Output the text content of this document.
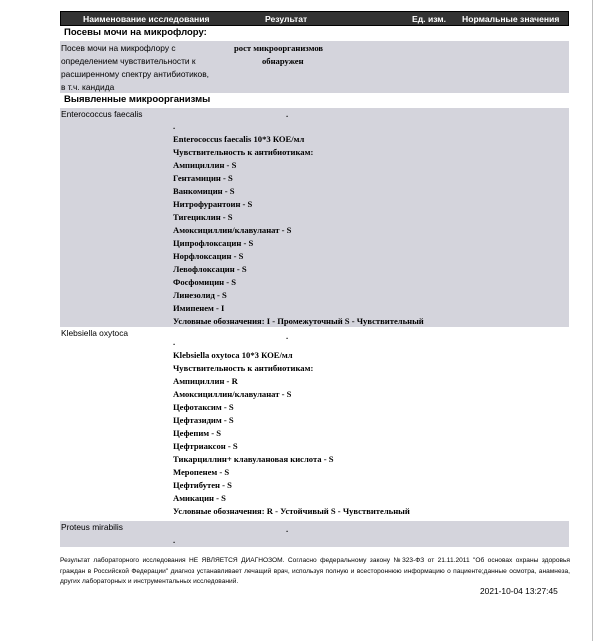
Наименование исследования	Результат	Ед. изм. Нормальные значения
Посевы мочи на микрофлору:
Посев мочи на микрофлору с
определением чувствительности к
расширенному спектру антибиотиков,
в т.ч. кандида
рост микроорганизмов
обнаружен
Выявленные микроорганизмы
Enterococcus faecalis	.
.
Enterococcus faecalis 10*3 КОЕ/мл
Чувствительность к антибиотикам:
Ампициллин - S
Гентамицин - S
Ванкомицин - S
Нитрофурантоин - S
Тигециклин - S
Амоксициллин/клавуланат - S
Ципрофлоксацин - S
Норфлоксацин - S
Левофлоксацин - S
Фосфомицин - S
Линезолид - S
Имипенем - I
Условные обозначения: I - Промежуточный S - Чувствительный
Klebsiella oxytoca	.
.
Klebsiella oxytoca 10*3 КОЕ/мл
Чувствительность к антибиотикам:
Ампициллин - R
Амоксициллин/клавуланат - S
Цефотаксим - S
Цефтазидим - S
Цефепим - S
Цефтриаксон - S
Тикарциллин+ клавулановая кислота - S
Меропенем - S
Цефтибутен - S
Амикацин - S
Условные обозначения: R - Устойчивый S - Чувствительный
Proteus mirabilis	.
.
Результат лабораторного исследования НЕ ЯВЛЯЕТСЯ ДИАГНОЗОМ. Согласно федеральному закону №323-ФЗ от 21.11.2011 "Об основах охраны здоровья граждан в Российской Федерации" диагноз устанавливает лечащий врач, используя полную и всестороннюю информацию о пациенте;данные осмотра, анамнеза, других лабораторных и инструментальных исследований.
2021-10-04 13:27:45
